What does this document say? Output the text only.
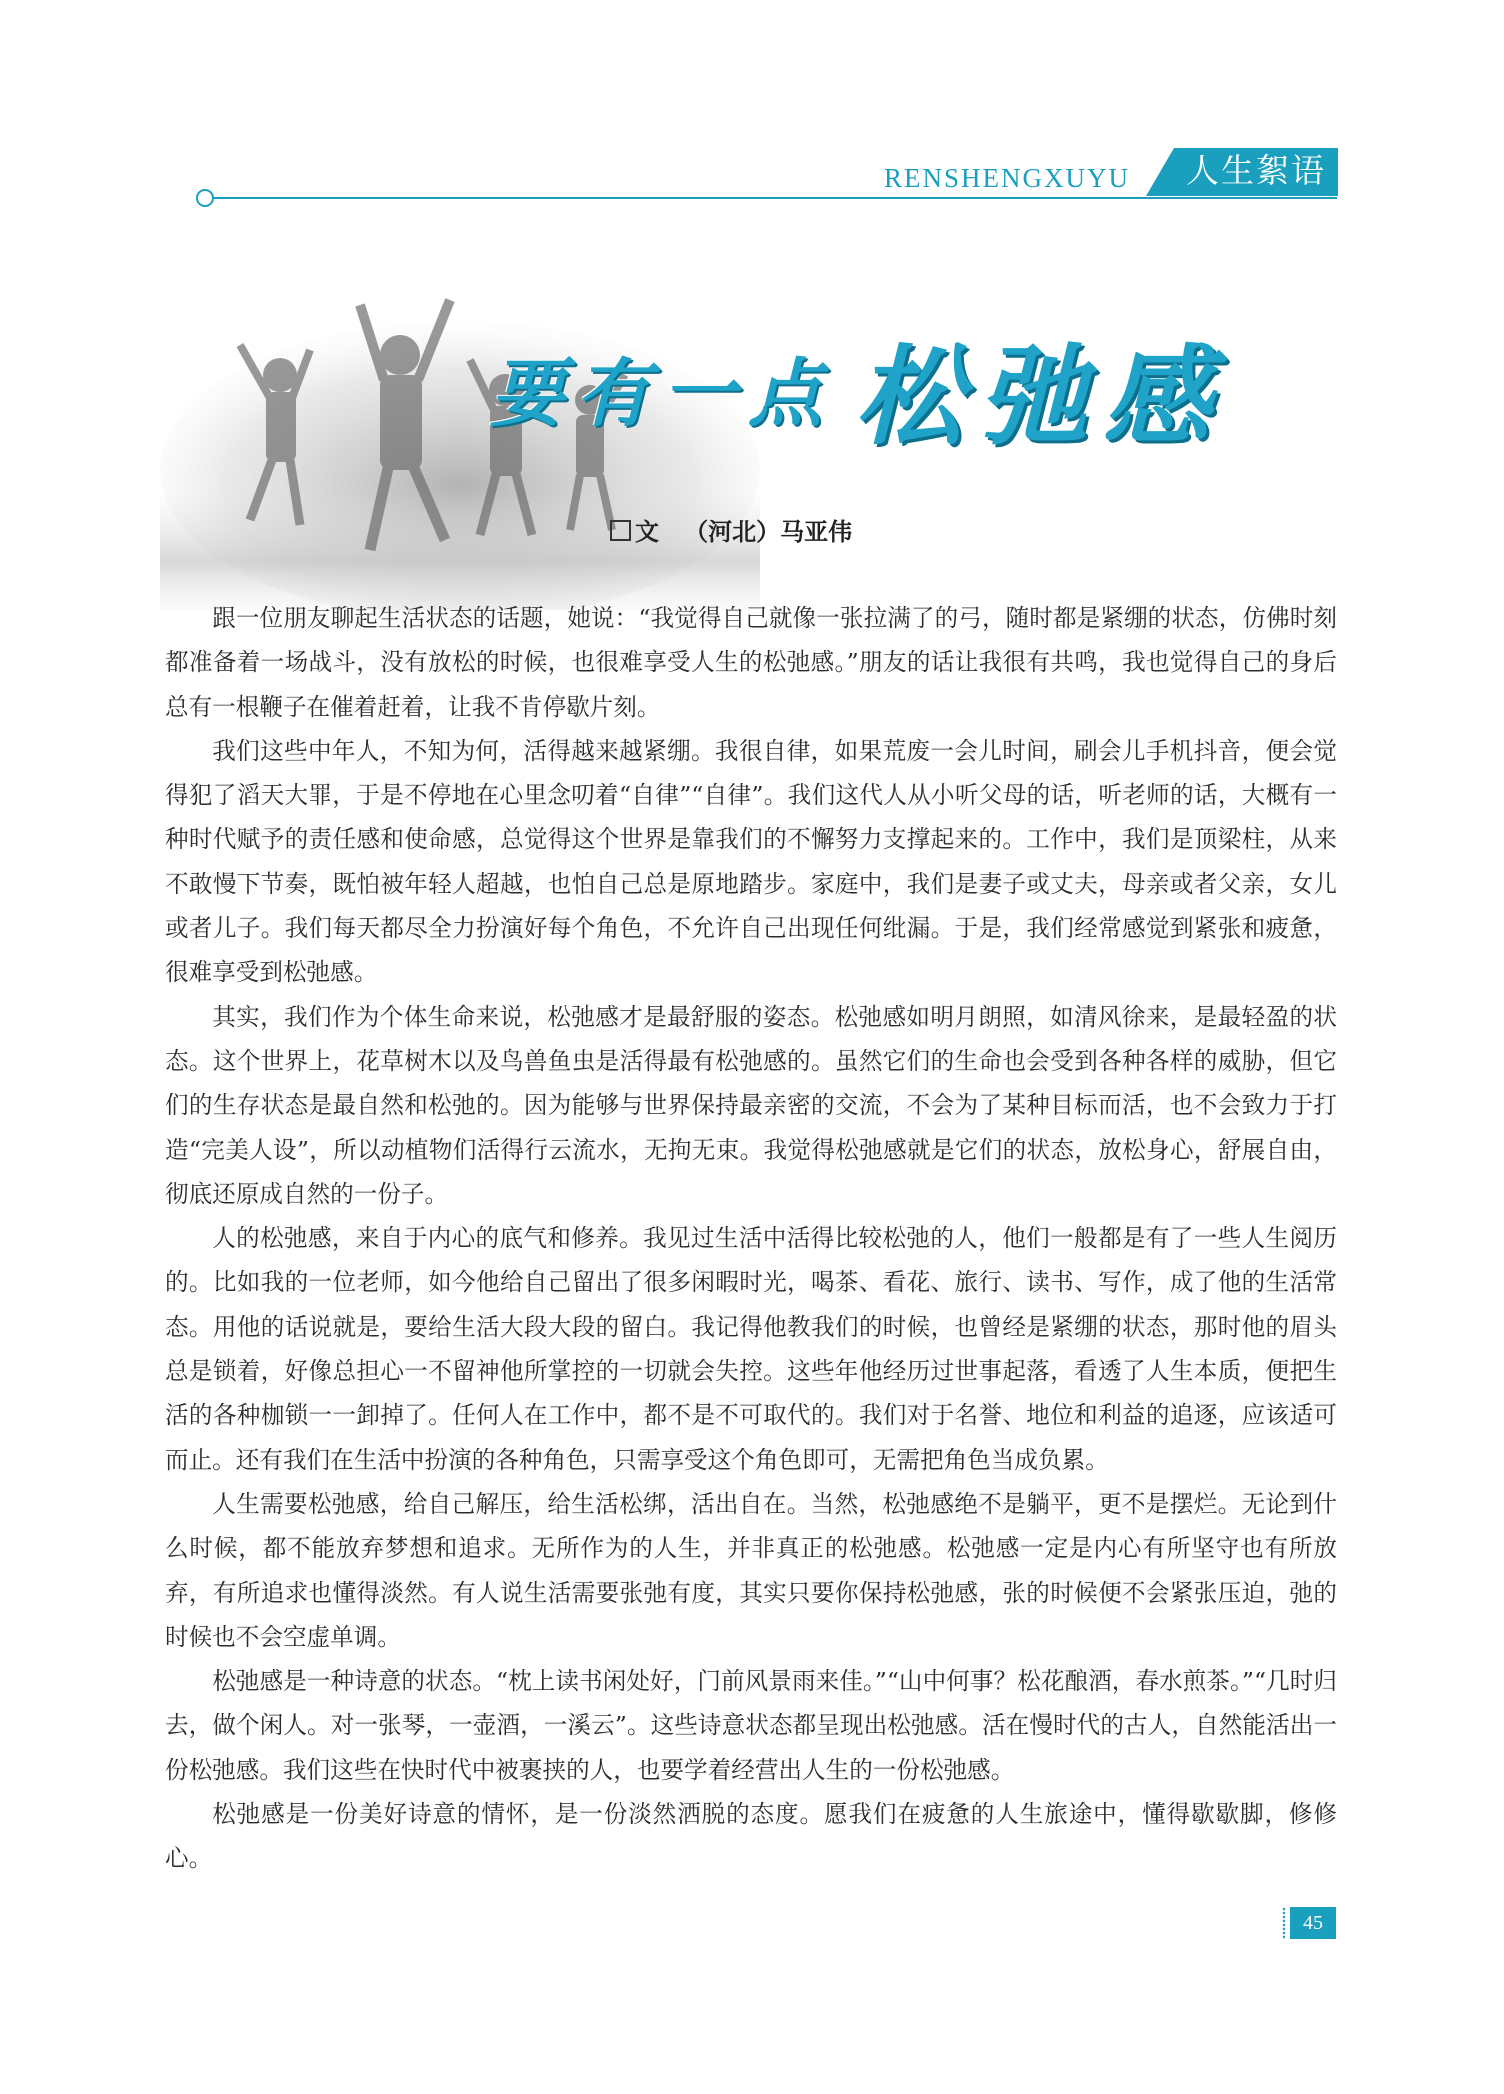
RENSHENGXUYU	人生絮语
要有一点 松弛感
文 （河北）马亚伟

跟一位朋友聊起生活状态的话题，她说：“我觉得自己就像一张拉满了的弓，随时都是紧绷的状态，仿佛时刻都准备着一场战斗，没有放松的时候，也很难享受人生的松弛感。”朋友的话让我很有共鸣，我也觉得自己的身后总有一根鞭子在催着赶着，让我不肯停歇片刻。

我们这些中年人，不知为何，活得越来越紧绷。我很自律，如果荒废一会儿时间，刷会儿手机抖音，便会觉得犯了滔天大罪，于是不停地在心里念叨着“自律”“自律”。我们这代人从小听父母的话，听老师的话，大概有一种时代赋予的责任感和使命感，总觉得这个世界是靠我们的不懈努力支撑起来的。工作中，我们是顶梁柱，从来不敢慢下节奏，既怕被年轻人超越，也怕自己总是原地踏步。家庭中，我们是妻子或丈夫，母亲或者父亲，女儿或者儿子。我们每天都尽全力扮演好每个角色，不允许自己出现任何纰漏。于是，我们经常感觉到紧张和疲惫，很难享受到松弛感。

其实，我们作为个体生命来说，松弛感才是最舒服的姿态。松弛感如明月朗照，如清风徐来，是最轻盈的状态。这个世界上，花草树木以及鸟兽鱼虫是活得最有松弛感的。虽然它们的生命也会受到各种各样的威胁，但它们的生存状态是最自然和松弛的。因为能够与世界保持最亲密的交流，不会为了某种目标而活，也不会致力于打造“完美人设”，所以动植物们活得行云流水，无拘无束。我觉得松弛感就是它们的状态，放松身心，舒展自由，彻底还原成自然的一份子。

人的松弛感，来自于内心的底气和修养。我见过生活中活得比较松弛的人，他们一般都是有了一些人生阅历的。比如我的一位老师，如今他给自己留出了很多闲暇时光，喝茶、看花、旅行、读书、写作，成了他的生活常态。用他的话说就是，要给生活大段大段的留白。我记得他教我们的时候，也曾经是紧绷的状态，那时他的眉头总是锁着，好像总担心一不留神他所掌控的一切就会失控。这些年他经历过世事起落，看透了人生本质，便把生活的各种枷锁一一卸掉了。任何人在工作中，都不是不可取代的。我们对于名誉、地位和利益的追逐，应该适可而止。还有我们在生活中扮演的各种角色，只需享受这个角色即可，无需把角色当成负累。

人生需要松弛感，给自己解压，给生活松绑，活出自在。当然，松弛感绝不是躺平，更不是摆烂。无论到什么时候，都不能放弃梦想和追求。无所作为的人生，并非真正的松弛感。松弛感一定是内心有所坚守也有所放弃，有所追求也懂得淡然。有人说生活需要张弛有度，其实只要你保持松弛感，张的时候便不会紧张压迫，弛的时候也不会空虚单调。

松弛感是一种诗意的状态。“枕上读书闲处好，门前风景雨来佳。”“山中何事？松花酿酒，春水煎茶。”“几时归去，做个闲人。对一张琴，一壶酒，一溪云”。这些诗意状态都呈现出松弛感。活在慢时代的古人，自然能活出一份松弛感。我们这些在快时代中被裹挟的人，也要学着经营出人生的一份松弛感。

松弛感是一份美好诗意的情怀，是一份淡然洒脱的态度。愿我们在疲惫的人生旅途中，懂得歇歇脚，修修心。

45
